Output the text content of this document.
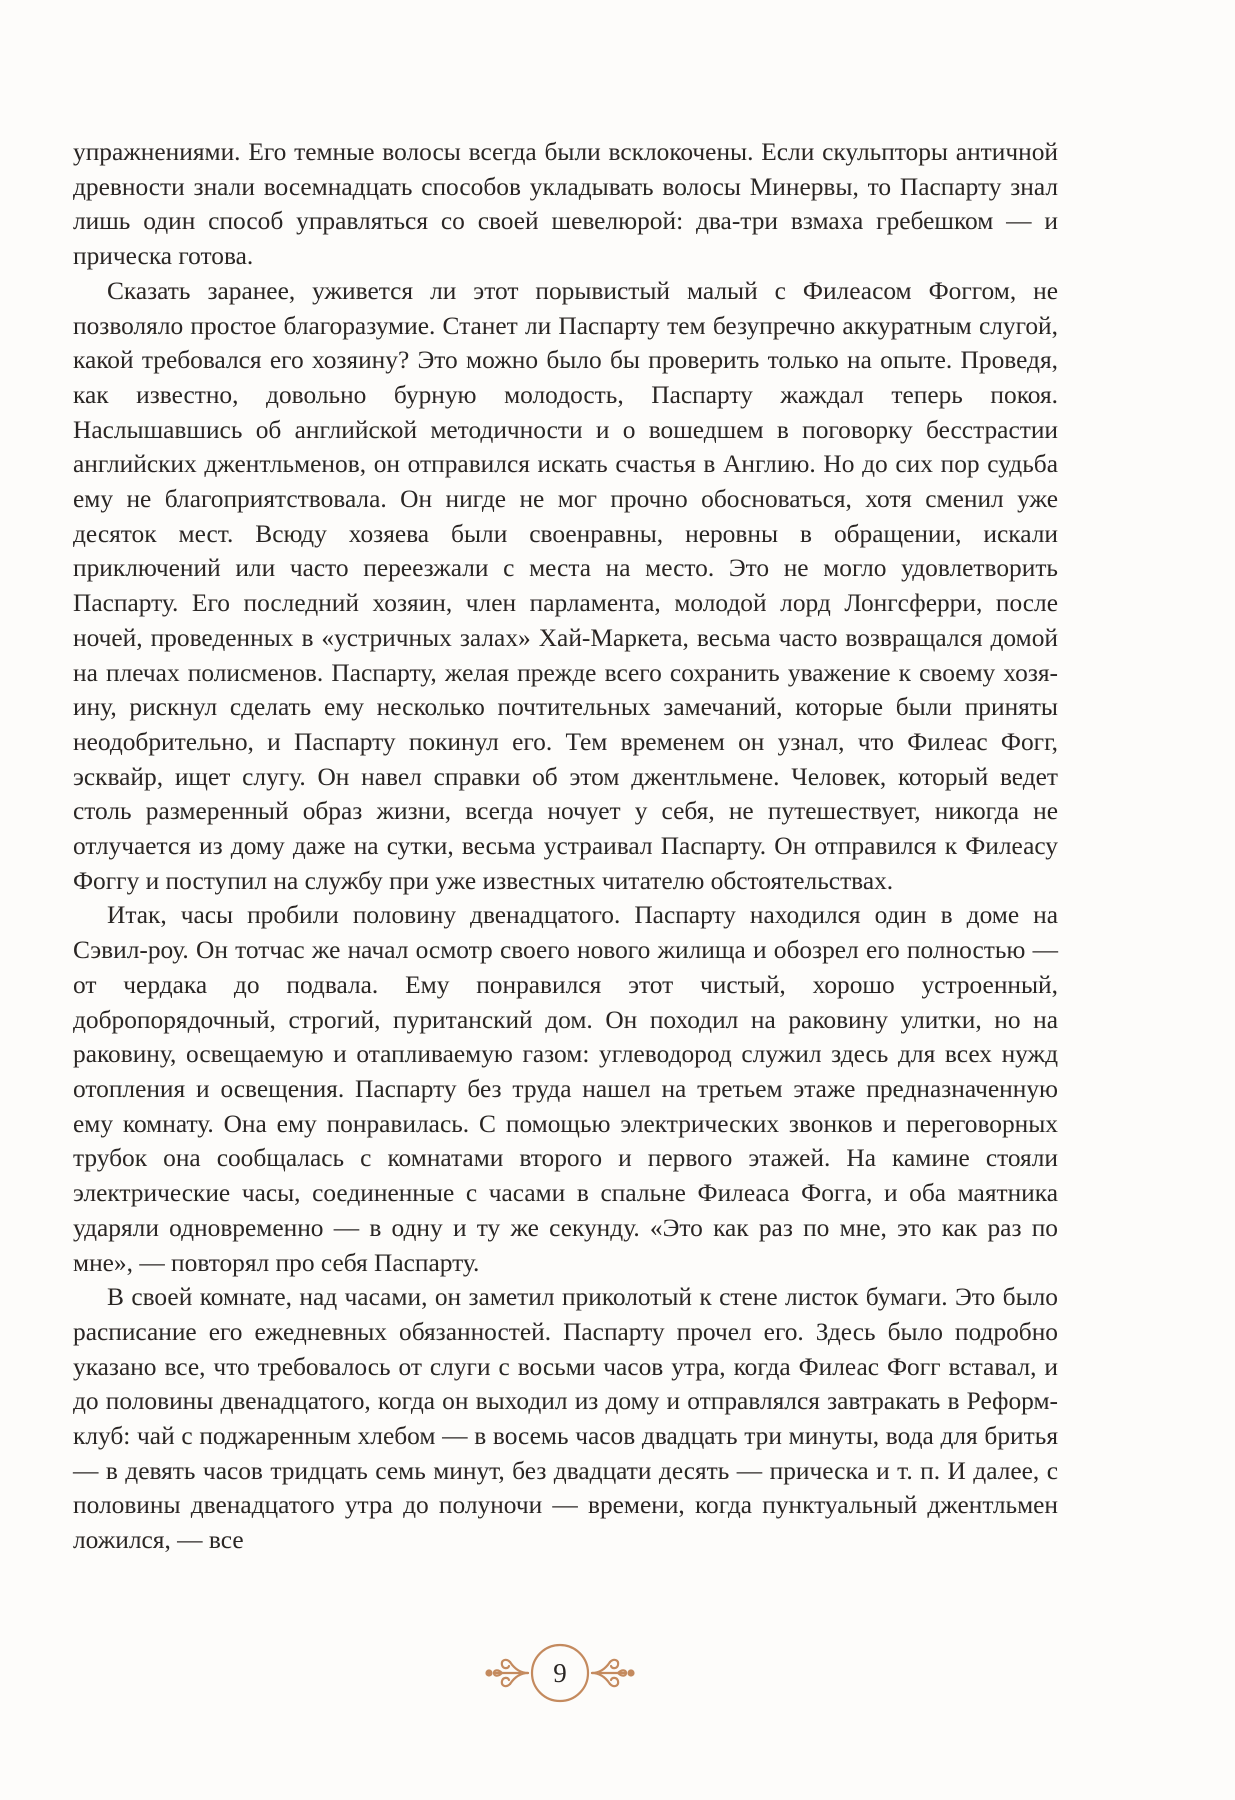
упражнениями. Его темные волосы всегда были всклокочены. Если скульпторы античной древности знали восемнадцать способов укладывать волосы Минервы, то Паспарту знал лишь один способ управляться со своей шевелюрой: два-три взмаха гребешком — и прическа готова.

Сказать заранее, уживется ли этот порывистый малый с Филеасом Фоггом, не позволяло простое благоразумие. Станет ли Паспарту тем безупречно аккуратным слугой, какой требовался его хозяину? Это можно было бы проверить только на опыте. Проведя, как известно, довольно бурную молодость, Паспарту жаждал теперь покоя. Наслышавшись об английской методичности и о вошедшем в поговорку бесстрастии английских джентльменов, он отправился искать счастья в Англию. Но до сих пор судьба ему не благоприятствовала. Он нигде не мог прочно обосноваться, хотя сменил уже десяток мест. Всюду хозяева были своенравны, неровны в обращении, искали приключений или часто переезжали с места на место. Это не могло удовлетворить Паспарту. Его последний хозяин, член парламента, молодой лорд Лонгсферри, после ночей, проведенных в «устричных залах» Хай-Маркета, весьма часто возвращался домой на плечах полисменов. Паспарту, желая прежде всего сохранить уважение к своему хозяину, рискнул сделать ему несколько почтительных замечаний, которые были приняты неодобрительно, и Паспарту покинул его. Тем временем он узнал, что Филеас Фогг, эсквайр, ищет слугу. Он навел справки об этом джентльмене. Человек, который ведет столь размеренный образ жизни, всегда ночует у себя, не путешествует, никогда не отлучается из дому даже на сутки, весьма устраивал Паспарту. Он отправился к Филеасу Фоггу и поступил на службу при уже известных читателю обстоятельствах.

Итак, часы пробили половину двенадцатого. Паспарту находился один в доме на Сэвил-роу. Он тотчас же начал осмотр своего нового жилища и обозрел его полностью — от чердака до подвала. Ему понравился этот чистый, хорошо устроенный, добропорядочный, строгий, пуританский дом. Он походил на раковину улитки, но на раковину, освещаемую и отапливаемую газом: углеводород служил здесь для всех нужд отопления и освещения. Паспарту без труда нашел на третьем этаже предназначенную ему комнату. Она ему понравилась. С помощью электрических звонков и переговорных трубок она сообщалась с комнатами второго и первого этажей. На камине стояли электрические часы, соединенные с часами в спальне Филеаса Фогга, и оба маятника ударяли одновременно — в одну и ту же секунду. «Это как раз по мне, это как раз по мне», — повторял про себя Паспарту.

В своей комнате, над часами, он заметил приколотый к стене листок бумаги. Это было расписание его ежедневных обязанностей. Паспарту прочел его. Здесь было подробно указано все, что требовалось от слуги с восьми часов утра, когда Филеас Фогг вставал, и до половины двенадцатого, когда он выходил из дому и отправлялся завтракать в Реформ-клуб: чай с поджаренным хлебом — в восемь часов двадцать три минуты, вода для бритья — в девять часов тридцать семь минут, без двадцати десять — прическа и т. п. И далее, с половины двенадцатого утра до полуночи — времени, когда пунктуальный джентльмен ложился, — все

9
